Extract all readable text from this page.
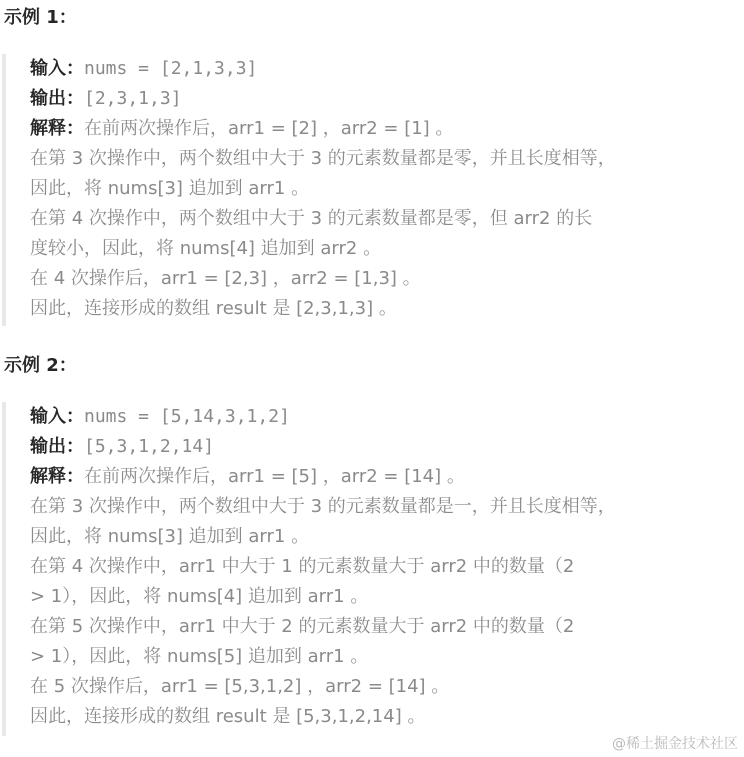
示例 1：
输入：nums = [2,1,3,3]
输出：[2,3,1,3]
解释：在前两次操作后，arr1 = [2] ，arr2 = [1] 。
在第 3 次操作中，两个数组中大于 3 的元素数量都是零，并且长度相等，
因此，将 nums[3] 追加到 arr1 。
在第 4 次操作中，两个数组中大于 3 的元素数量都是零，但 arr2 的长
度较小，因此，将 nums[4] 追加到 arr2 。
在 4 次操作后，arr1 = [2,3] ，arr2 = [1,3] 。
因此，连接形成的数组 result 是 [2,3,1,3] 。
示例 2：
输入：nums = [5,14,3,1,2]
输出：[5,3,1,2,14]
解释：在前两次操作后，arr1 = [5] ，arr2 = [14] 。
在第 3 次操作中，两个数组中大于 3 的元素数量都是一，并且长度相等，
因此，将 nums[3] 追加到 arr1 。
在第 4 次操作中，arr1 中大于 1 的元素数量大于 arr2 中的数量（2
> 1），因此，将 nums[4] 追加到 arr1 。
在第 5 次操作中，arr1 中大于 2 的元素数量大于 arr2 中的数量（2
> 1），因此，将 nums[5] 追加到 arr1 。
在 5 次操作后，arr1 = [5,3,1,2] ，arr2 = [14] 。
因此，连接形成的数组 result 是 [5,3,1,2,14] 。
@稀土掘金技术社区
